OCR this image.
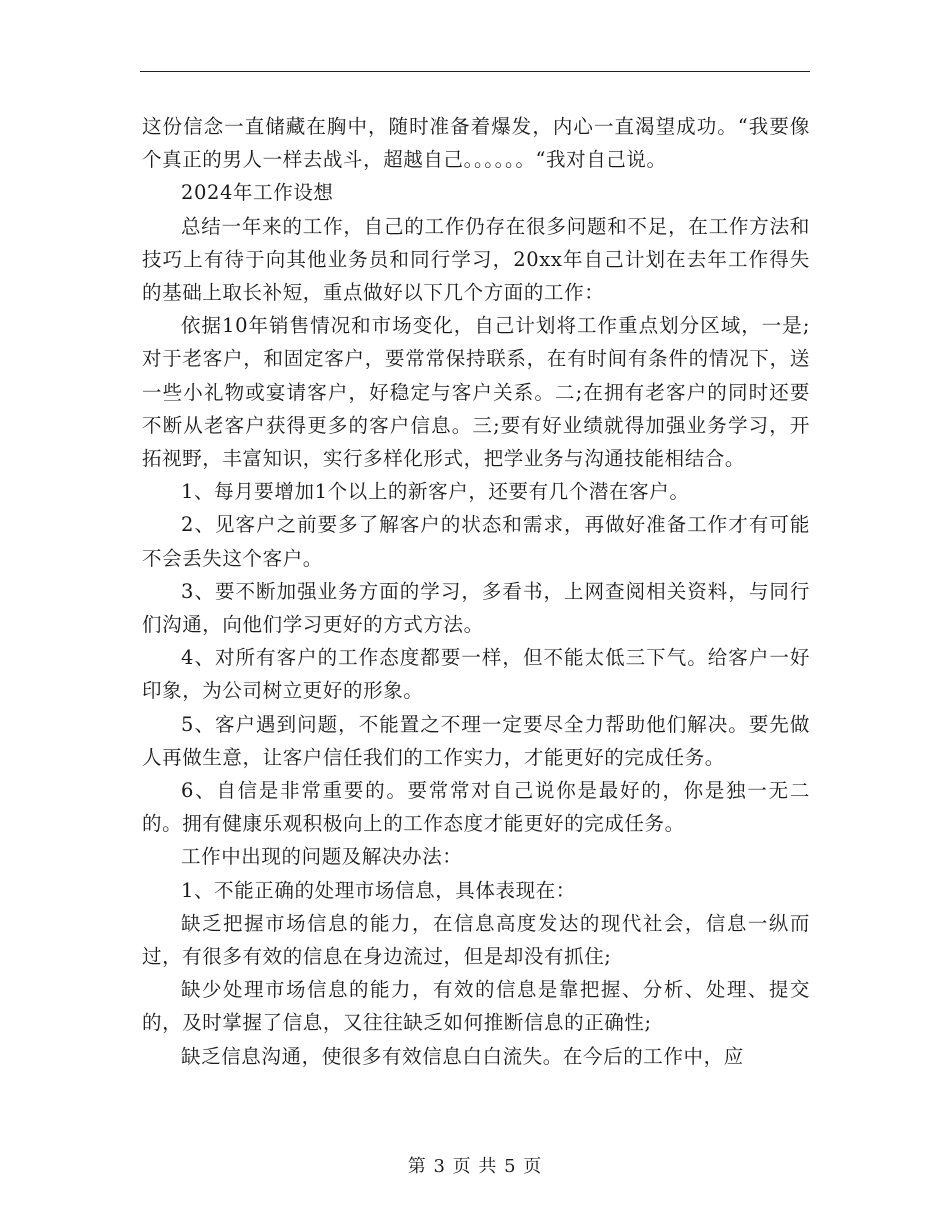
这份信念一直储藏在胸中，随时准备着爆发，内心一直渴望成功。“我要像个真正的男人一样去战斗，超越自己。。。。。。“我对自己说。

2024年工作设想

总结一年来的工作，自己的工作仍存在很多问题和不足，在工作方法和技巧上有待于向其他业务员和同行学习，20xx年自己计划在去年工作得失的基础上取长补短，重点做好以下几个方面的工作：

依据10年销售情况和市场变化，自己计划将工作重点划分区域，一是;对于老客户，和固定客户，要常常保持联系，在有时间有条件的情况下，送一些小礼物或宴请客户，好稳定与客户关系。二;在拥有老客户的同时还要不断从老客户获得更多的客户信息。三;要有好业绩就得加强业务学习，开拓视野，丰富知识，实行多样化形式，把学业务与沟通技能相结合。

1、每月要增加1个以上的新客户，还要有几个潜在客户。

2、见客户之前要多了解客户的状态和需求，再做好准备工作才有可能不会丢失这个客户。

3、要不断加强业务方面的学习，多看书，上网查阅相关资料，与同行们沟通，向他们学习更好的方式方法。

4、对所有客户的工作态度都要一样，但不能太低三下气。给客户一好印象，为公司树立更好的形象。

5、客户遇到问题，不能置之不理一定要尽全力帮助他们解决。要先做人再做生意，让客户信任我们的工作实力，才能更好的完成任务。

6、自信是非常重要的。要常常对自己说你是最好的，你是独一无二的。拥有健康乐观积极向上的工作态度才能更好的完成任务。

工作中出现的问题及解决办法：

1、不能正确的处理市场信息，具体表现在：

缺乏把握市场信息的能力，在信息高度发达的现代社会，信息一纵而过，有很多有效的信息在身边流过，但是却没有抓住;

缺少处理市场信息的能力，有效的信息是靠把握、分析、处理、提交的，及时掌握了信息，又往往缺乏如何推断信息的正确性;

缺乏信息沟通，使很多有效信息白白流失。在今后的工作中，应

第 3 页 共 5 页
